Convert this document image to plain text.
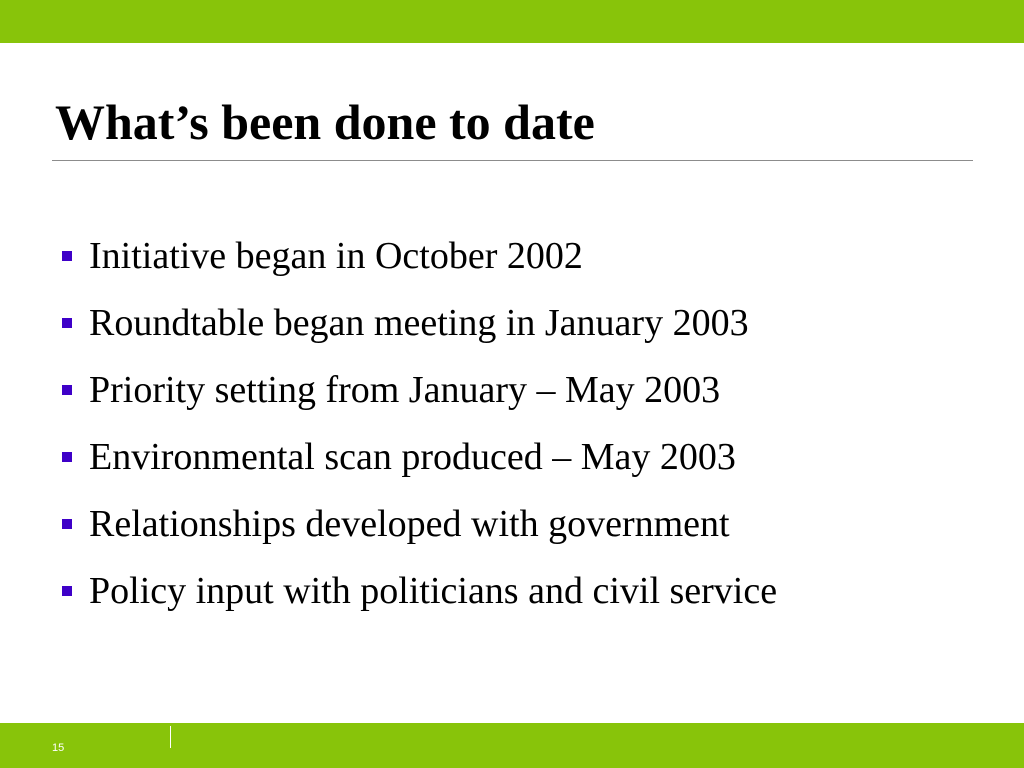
What’s been done to date
Initiative began in October 2002
Roundtable began meeting in January 2003
Priority setting from January – May 2003
Environmental scan produced – May 2003
Relationships developed with government
Policy input with politicians and civil service
15
